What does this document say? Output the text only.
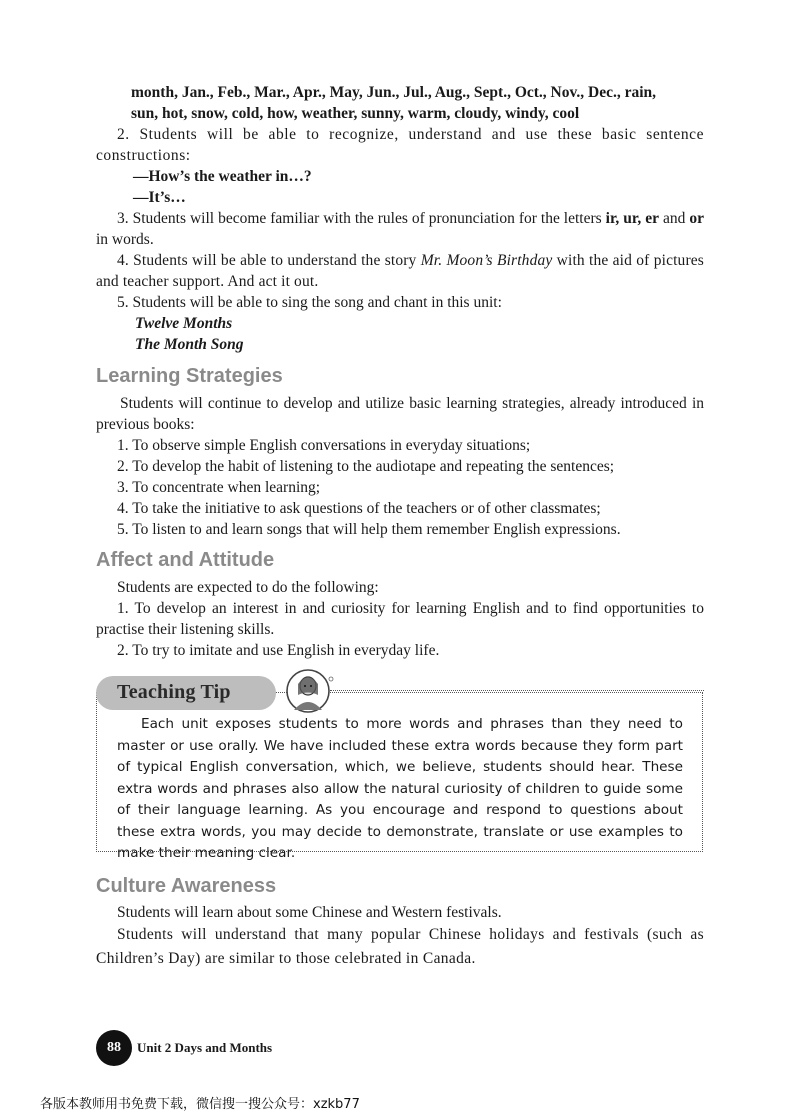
month, Jan., Feb., Mar., Apr., May, Jun., Jul., Aug., Sept., Oct., Nov., Dec., rain,
sun, hot, snow, cold, how, weather, sunny, warm, cloudy, windy, cool
2. Students will be able to recognize, understand and use these basic sentence constructions:
—How’s the weather in…?
—It’s…
3. Students will become familiar with the rules of pronunciation for the letters ir, ur, er and or in words.
4. Students will be able to understand the story Mr. Moon’s Birthday with the aid of pictures and teacher support. And act it out.
5. Students will be able to sing the song and chant in this unit:
Twelve Months
The Month Song
Learning Strategies
Students will continue to develop and utilize basic learning strategies, already introduced in previous books:
1. To observe simple English conversations in everyday situations;
2. To develop the habit of listening to the audiotape and repeating the sentences;
3. To concentrate when learning;
4. To take the initiative to ask questions of the teachers or of other classmates;
5. To listen to and learn songs that will help them remember English expressions.
Affect and Attitude
Students are expected to do the following:
1. To develop an interest in and curiosity for learning English and to find opportunities to practise their listening skills.
2. To try to imitate and use English in everyday life.
Teaching Tip
Each unit exposes students to more words and phrases than they need to master or use orally. We have included these extra words because they form part of typical English conversation, which, we believe, students should hear. These extra words and phrases also allow the natural curiosity of children to guide some of their language learning. As you encourage and respond to questions about these extra words, you may decide to demonstrate, translate or use examples to make their meaning clear.
Culture Awareness
Students will learn about some Chinese and Western festivals.
Students will understand that many popular Chinese holidays and festivals (such as Children’s Day) are similar to those celebrated in Canada.
88	Unit 2 Days and Months
各版本教师用书免费下载，微信搜一搜公众号：xzkb77
